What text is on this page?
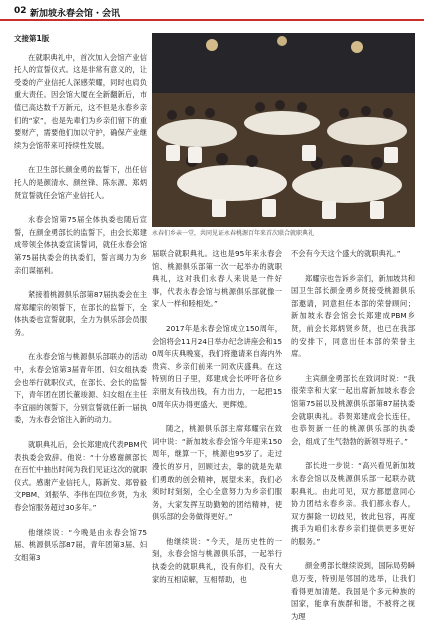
02 新加坡永春会馆・会讯
文接第1版

在就职典礼中，首次加入会馆产业信托人的宣誓仪式。这是非常有意义的，让受委的产业信托人深感荣耀，同时也肩负重大责任。因会馆大厦在全新翻新后，市值已高达数千万新元，这不但是永春乡亲们的“家”，也是先辈们为乡亲们留下的重要财产，需要他们加以守护，确保产业继续为会馆带来可持续性发展。

在卫生部长颜金勇的监誓下，出任信托人的是颜清水、颜丝锋、陈东源、郑炳贤宣誓就任会馆产业信托人。

永春会馆第75届全体执委也随后宣誓，在颜金勇部长的监誓下，由会长郑建成带领全体执委宣读誓词，就任永春会馆第75届执委会的执委们，誓言竭力为乡亲们谋福利。

紧接着桃源俱乐部第87届执委会在主席郑耀宗的领誓下，在部长的监誓下，全体执委也宣誓就职，全力为俱乐部会员服务。

在永春会馆与桃源俱乐部联办的活动中，永春会馆第3届青年团、妇女组执委会也举行就职仪式，在部长、会长的监誓下，青年团在团长董竣源、妇女组在主任李宜丽的领誓下，分别宣誓就任新一届执委，为永春会馆注入新的动力。

就职典礼后，会长郑建成代表PBM代表执委会致辞。他说：“十分感谢颜部长在百忙中抽出时间为我们见证这次的就职仪式。感谢产业信托人，陈新发、郑曾毅文PBM、刘振华、李伟在四位乡贤，为永春会馆服务超过30多年。”

他继续说：“今晚是由永春会馆75届、桃源俱乐部87届，青年团第3届、妇女组第3

永春们乡亲一堂，共同见证永春桃源百年来首次联合就职典礼

届联合就职典礼。这也是95年来永春会馆、桃源俱乐部第一次一起举办的就职典礼，这对我们永春人来说是一件好事，代表永春会馆与桃源俱乐部就像一家人一样和睦相处。”

2017年是永春会馆成立150周年，会馆将会11月24日举办纪念讲座会和150周年庆典晚宴，我们将邀请来自海内外贵宾、乡亲们前来一同欢庆盛典。在这特别的日子里，郑建成会长呼吁各位乡亲朋友有钱出钱，有力出力，一起把150周年庆办得更盛大、更辉煌。

随之，桃源俱乐部主席郑耀宗在致词中说：“新加坡永春会馆今年迎来150周年，继算一下，桃源也95岁了。走过漫长的岁月，回顾过去，靠的就是先辈们勇敢的创会精神，展望未来，我们必须时时刻刻，全心全意努力为乡亲们服务，大家发挥互助勤勉的团结精神，使俱乐部的会务做得更好。”

他继续说：“今天，是历史性的一刻，永春会馆与桃源俱乐部，一起举行执委会的就职典礼，没有你们，没有大家的互相谅解，互相帮助，也

不会有今天这个盛大的就职典礼。”

郑耀宗也告诉乡亲们，新加坡共和国卫生部长颜金勇乡贤接受桃源俱乐部邀请，同意担任本部的荣誉顾问；新加坡永春会馆会长郑建成PBM乡贤，前会长郑炳贤乡贤，也已在我部的安排下，同意出任本部的荣誉主席。

主宾颜金勇部长在致词时说：“我很荣幸和大家一起出席新加坡永春会馆第75届以及桃源俱乐部第87届执委会就职典礼。恭贺郑建成会长连任，也恭贺新一任的桃源俱乐部的执委会，组成了生气勃勃的新领导班子。”

部长进一步说：“高兴看见新加坡永春会馆以及桃源俱乐部一起联办就职典礼。由此可见，双方都愿意同心协力团结永春乡亲。我们都永春人，双方摒除一切歧见，彼此包容，再度携手为咱们永春乡亲们提供更多更好的服务。”

颜金勇部长继续说到，国际局势瞬息万变，特别是邻国的选举，让我们看得更加清楚。我国是个多元种族的国家，能拿有族群和谐，不被将之视为理
